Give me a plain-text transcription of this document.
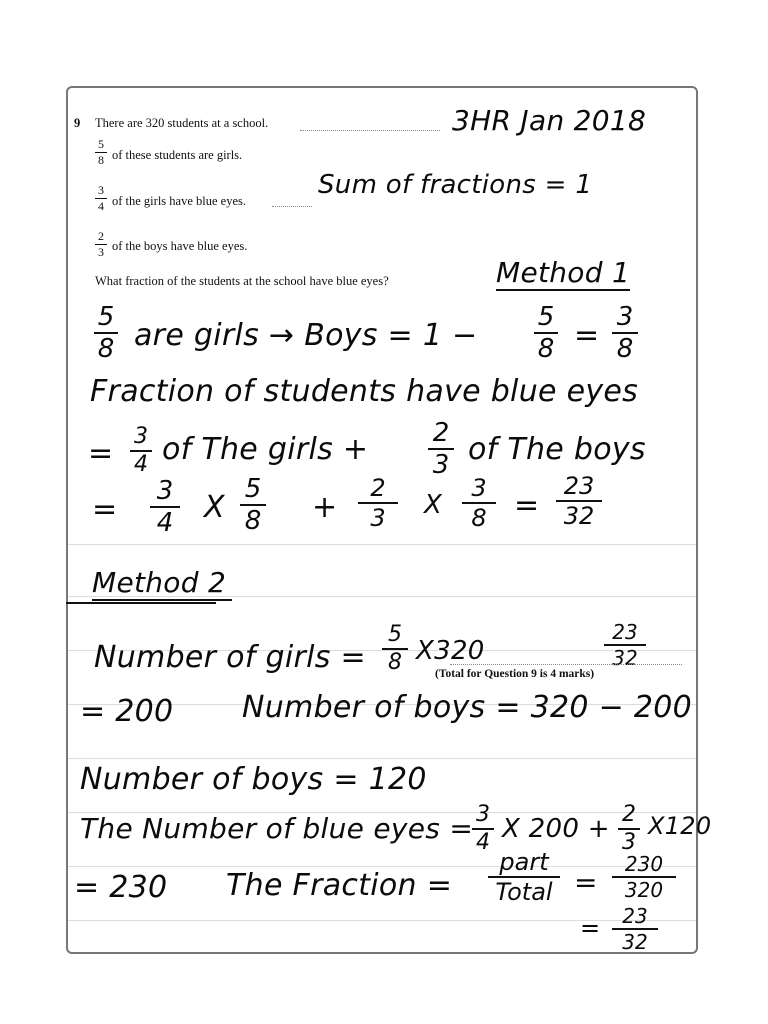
9 There are 320 students at a school.
5
8 of these students are girls.
3
4 of the girls have blue eyes.
2
3 of the boys have blue eyes.
What fraction of the students at the school have blue eyes?
3HR Jan 2018
Sum of fractions = 1
Method 1
5
8 are girls → Boys = 1 −
5
8 =
3
8
Fraction of students have blue eyes
= 3
4 of The girls + 2
3 of The boys
=
3
4 X
5
8 +
2
3 X
3
8 =
23
32
Method 2
Number of girls =
5
8 X320
23
32
(Total for Question 9 is 4 marks)
= 200 Number of boys = 320 − 200
Number of boys = 120
The Number of blue eyes = 3
4 X 200 + 2
3
X120
= 230 The Fraction =
part
Total =
230
320
= 23
32
